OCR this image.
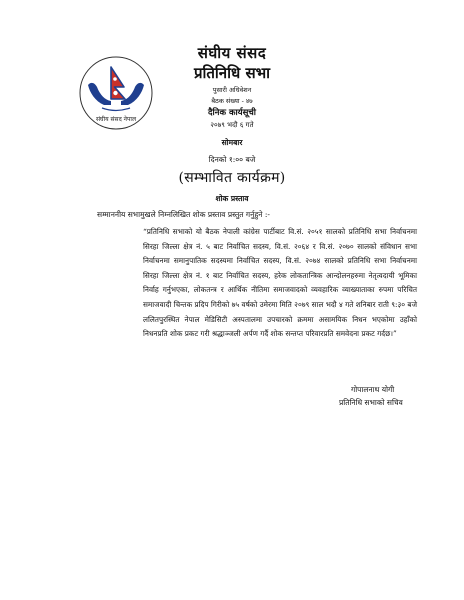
संघीय संसद नेपाल
संघीय संसद
प्रतिनिधि सभा
पुसारी अधिवेशन
बैठक संख्या - ४७
दैनिक कार्यसूची
२०७९ भदौ ६ गते
सोमबार
दिनको १:०० बजे
(सम्भावित कार्यक्रम)
शोक प्रस्ताव
सम्माननीय सभामुखले निम्नलिखित शोक प्रस्ताव प्रस्तुत गर्नुहुने :-
“प्रतिनिधि सभाको यो बैठक नेपाली कांग्रेस पार्टीबाट वि.सं. २०५१ सालको प्रतिनिधि सभा निर्वाचनमा सिरहा जिल्ला क्षेत्र नं. ५ बाट निर्वाचित सदस्य, वि.सं. २०६४ र वि.सं. २०७० सालको संविधान सभा निर्वाचनमा समानुपातिक सदस्यमा निर्वाचित सदस्य, वि.सं. २०७४ सालको प्रतिनिधि सभा निर्वाचनमा सिरहा जिल्ला क्षेत्र नं. १ बाट निर्वाचित सदस्य, हरेक लोकतान्त्रिक आन्दोलनहरुमा नेतृत्वदायी भूमिका निर्वाह गर्नुभएका, लोकतन्त्र र आर्थिक नीतिमा समाजवादको व्यवहारिक व्याख्याताका रुपमा परिचित समाजवादी चिन्तक प्रदिप गिरीको ७५ वर्षको उमेरमा मिति २०७९ साल भदौ ४ गते शनिबार राती ९:३० बजे ललितपुरस्थित नेपाल मेडिसिटी अस्पतालमा उपचारको क्रममा असामयिक निधन भएकोमा उहाँको निधनप्रति शोक प्रकट गरी श्रद्धाञ्जली अर्पण गर्दै शोक सन्तप्त परिवारप्रति समवेदना प्रकट गर्दछ।”
गोपालनाथ योगी
प्रतिनिधि सभाको सचिव
